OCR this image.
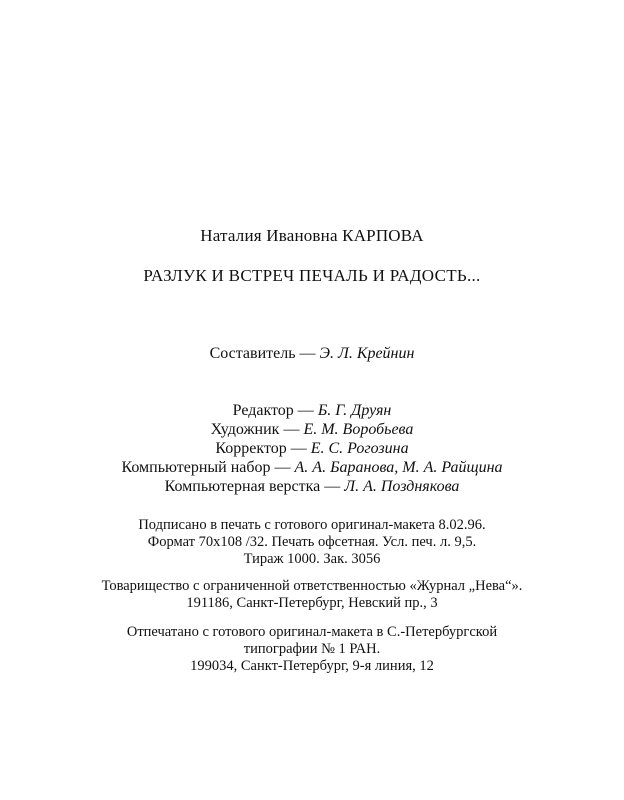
Наталия Ивановна КАРПОВА
РАЗЛУК И ВСТРЕЧ ПЕЧАЛЬ И РАДОСТЬ...
Составитель — Э. Л. Крейнин
Редактор — Б. Г. Друян
Художник — Е. М. Воробьева
Корректор — Е. С. Рогозина
Компьютерный набор — А. А. Баранова, М. А. Райщина
Компьютерная верстка — Л. А. Позднякова
Подписано в печать с готового оригинал-макета 8.02.96.
Формат 70x108 /32. Печать офсетная. Усл. печ. л. 9,5.
Тираж 1000. Зак. 3056
Товарищество с ограниченной ответственностью «Журнал „Нева“».
191186, Санкт-Петербург, Невский пр., 3
Отпечатано с готового оригинал-макета в С.-Петербургской
типографии № 1 РАН.
199034, Санкт-Петербург, 9-я линия, 12
